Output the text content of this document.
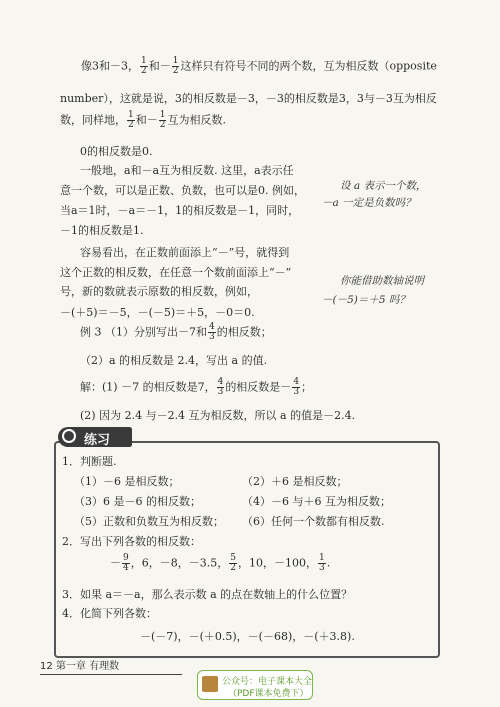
像3和－3， $\frac{1}{2}$ 和－ $\frac{1}{2}$ 这样只有符号不同的两个数，互为相反数（opposite
number），这就是说，3的相反数是－3，－3的相反数是3，3与－3互为相反
数，同样地， $\frac{1}{2}$ 和－ $\frac{1}{2}$ 互为相反数.
0的相反数是0.
一般地，a和－a互为相反数. 这里，a表示任
意一个数，可以是正数、负数，也可以是0. 例如，
当a＝1时，－a＝－1，1的相反数是－1，同时，
－1的相反数是1.
设 a 表示一个数，
－a 一定是负数吗？
容易看出，在正数前面添上“－”号，就得到
这个正数的相反数，在任意一个数前面添上“－”
号，新的数就表示原数的相反数，例如，
你能借助数轴说明
－(－5)＝＋5 吗？
－(＋5)＝－5，－(－5)＝＋5，－0＝0.
例 3 （1）分别写出－7和 $\frac{4}{3}$ 的相反数；
（2）a 的相反数是 2.4，写出 a 的值.
解：(1) －7 的相反数是7， $\frac{4}{3}$ 的相反数是－ $\frac{4}{3}$ ；
(2) 因为 2.4 与－2.4 互为相反数，所以 a 的值是－2.4.
练习
1．判断题.
（1）－6 是相反数；	（2）＋6 是相反数；
（3）6 是－6 的相反数；	（4）－6 与＋6 互为相反数；
（5）正数和负数互为相反数； （6）任何一个数都有相反数.
2．写出下列各数的相反数：
－ $\frac{9}{4}$ ，6，－8，－3.5， $\frac{5}{2}$ ，10，－100， $\frac{1}{3}$ .
3．如果 a＝－a，那么表示数 a 的点在数轴上的什么位置？
4．化简下列各数：
－(－7)，－(＋0.5)，－(－68)，－(＋3.8).
12 第一章 有理数
公众号：电子课本大全
（PDF课本免费下）
